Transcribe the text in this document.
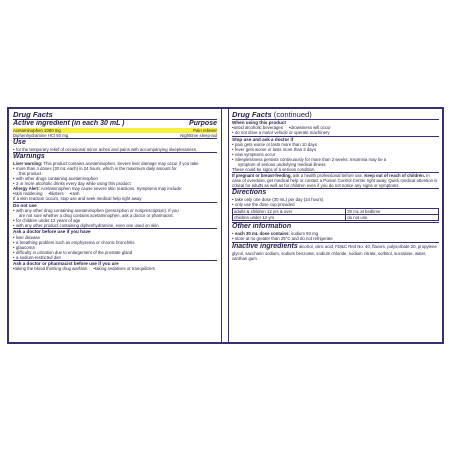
Drug Facts
Active ingredient (in each 30 mL )	Purpose
Acetaminophen 1000 mg	Pain reliever
Diphenhydramine HCl 50 mg	Nighttime sleep-aid
Use
• for the temporary relief of occasional minor aches and pains with accompanying sleeplessness.
Warnings
Liver warning: This product contains acetaminophen. Severe liver damage may occur if you take
• more than 4 doses (30 mL each) in 24 hours, which is the maximum daily amount for
this product
• with other drugs containing acetaminophen
• 3 or more alcoholic drinks every day while using this product
Allergy Alert: Acetaminophen may cause severe skin reactions. Symptoms may include:
• skin reddening	• blisters	• rash
If a skin reaction occurs, stop use and seek medical help right away
Do not use
• with any other drug containing acetaminophen (prescription or nonprescription). If you
are not sure whether a drug contains acetaminophen, ask a doctor or pharmacist.
• for children under 12 years of age
• with any other product containing diphenhydramine, even one used on skin
Ask a doctor before use if you have
• liver disease
• a breathing problem such as emphysema or chronic bronchitis
• glaucoma
• difficulty in urination due to enlargement of the prostate gland
• a sodium-restricted diet
Ask a doctor or pharmacist before use if you are
• taking the blood thinning drug warfarin	• taking sedatives or tranquilizers
Drug Facts (continued)
When using this product
• avoid alcoholic beverages	• drowsiness will occur
• do not drive a motor vehicle or operate machinery
Stop use and ask a doctor if
• pain gets worse or lasts more than 10 days
• fever gets worse or lasts more than 3 days
• new symptoms occur
• Sleeplessness persists continuously for more than 2 weeks. Insomnia may be a
symptom of serious underlying medical illness.
These could be signs of a serious condition.
If pregnant or breast-feeding, ask a health professional before use. Keep out of reach of children. In case of overdose, get medical help or contact a Poison Control Center right away. Quick medical attention is critical for adults as well as for children even if you do not notice any signs or symptoms.
Directions
• take only one dose (30 mL) per day (24 hours)
• only use the dose cup provided
adults & children 12 yrs & over	30 mL at bedtime
children under 12 yrs	do not use
Other information
• each 30 mL dose contains: sodium 93 mg
• store at no greater than 25°C and do not refrigerate
Inactive ingredients alcohol, citric acid, FD&C Red No. 40, flavors, polysorbate 20, propylene glycol, saccharin sodium, sodium benzoate, sodium chloride, sodium citrate, sorbitol, sucralose, water, xanthan gum
